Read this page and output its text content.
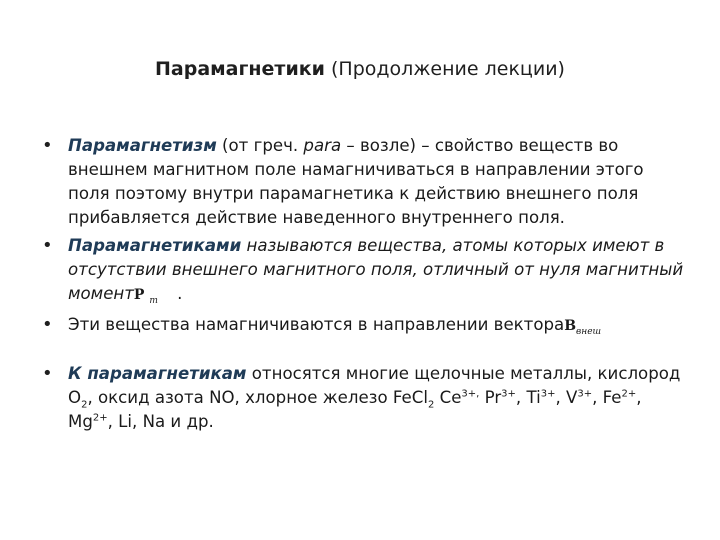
Парамагнетики (Продолжение лекции)
• Парамагнетизм (от греч. para – возле) – свойство веществ во внешнем магнитном поле намагничиваться в направлении этого поля поэтому внутри парамагнетика к действию внешнего поля прибавляется действие наведенного внутреннего поля.
• Парамагнетиками называются вещества, атомы которых имеют в отсутствии внешнего магнитного поля, отличный от нуля магнитный моментP $_m$ .
• Эти вещества намагничиваются в направлении вектораB$_{внеш}$
• К парамагнетикам относятся многие щелочные металлы, кислород $O_2$, оксид азота NO, хлорное железо FeCl$_2$ $Ce^{3+,}$ $Pr^{3+}$, $Ti^{3+}$, $V^{3+}$, $Fe^{2+}$, $Mg^{2+}$, Li, Na и др.
